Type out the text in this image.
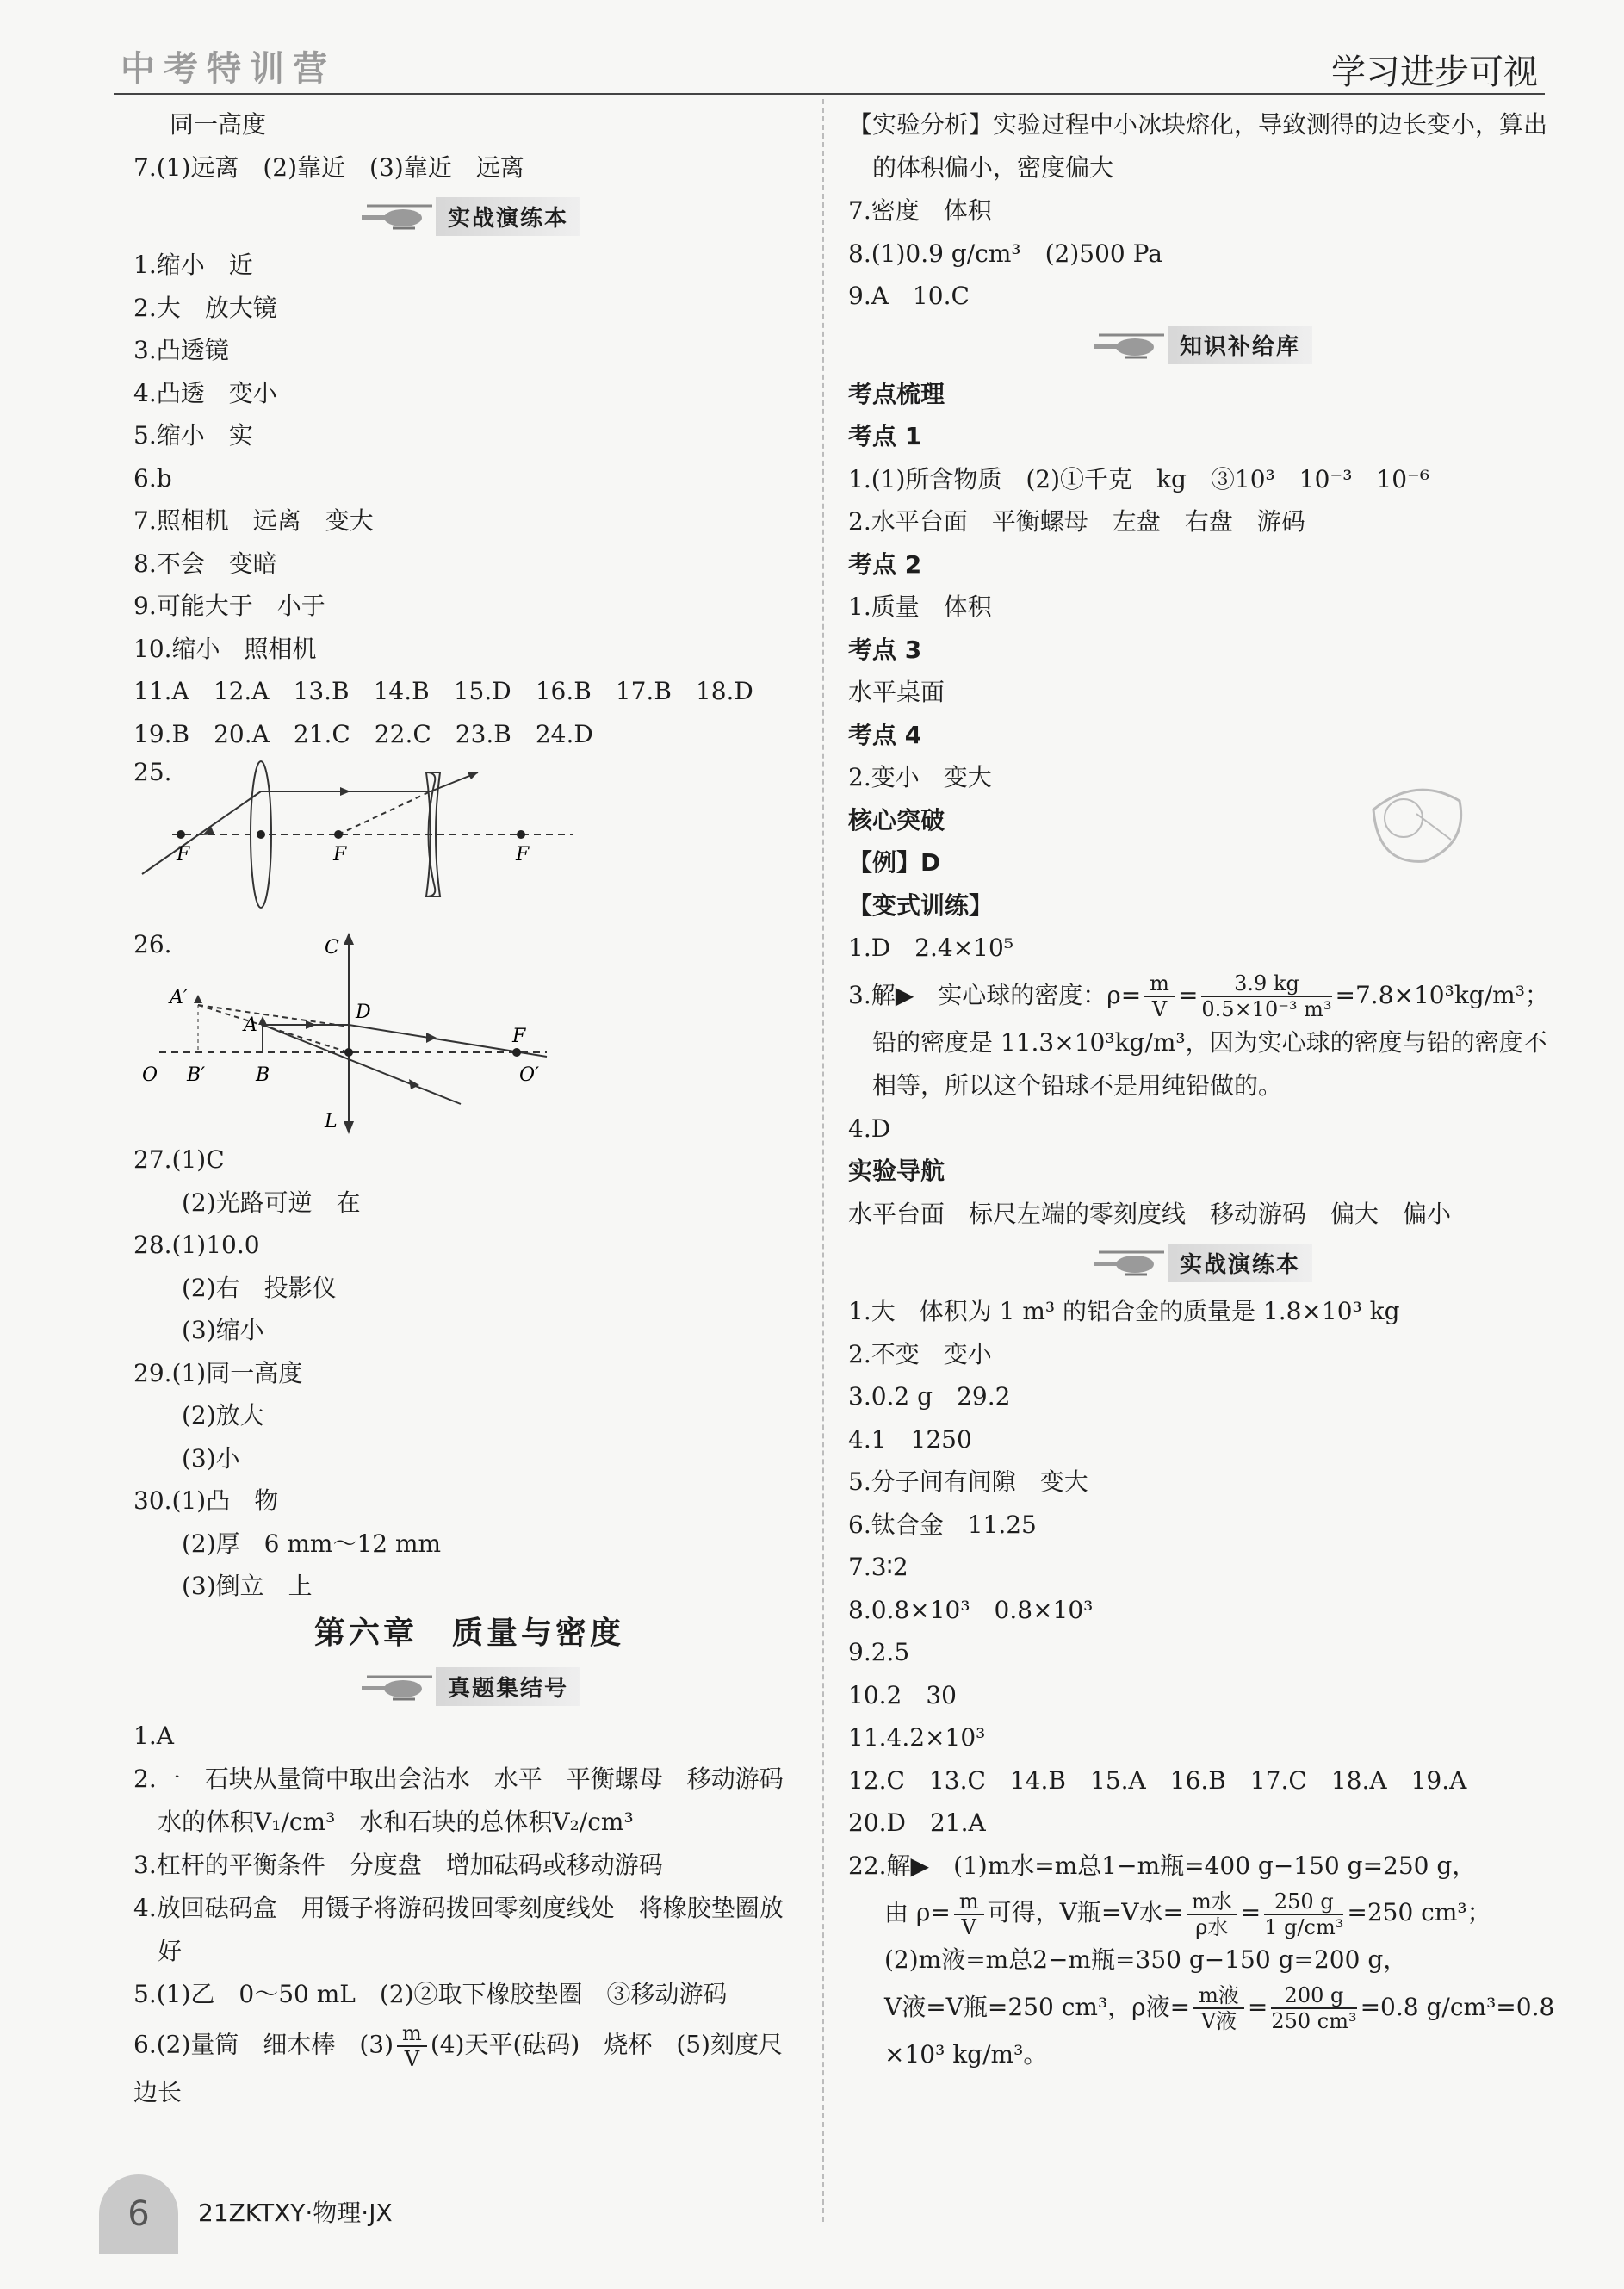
中考特训营	学习进步可视
同一高度
7.(1)远离　(2)靠近　(3)靠近　远离
实战演练本
1.缩小　近
2.大　放大镜
3.凸透镜
4.凸透　变小
5.缩小　实
6.b
7.照相机　远离　变大
8.不会　变暗
9.可能大于　小于
10.缩小　照相机
11.A　12.A　13.B　14.B　15.D　16.B　17.B　18.D
19.B　20.A　21.C　22.C　23.B　24.D
25.
F	F	F
26.	C
A′
D
A
F
O B′	B	O′
L
27.(1)C
(2)光路可逆　在
28.(1)10.0
(2)右　投影仪
(3)缩小
29.(1)同一高度
(2)放大
(3)小
30.(1)凸　物
(2)厚　6 mm～12 mm
(3)倒立　上
第六章　质量与密度
真题集结号
1.A
2.一　石块从量筒中取出会沾水　水平　平衡螺母　移动游码　水的体积V₁/cm³　水和石块的总体积V₂/cm³
3.杠杆的平衡条件　分度盘　增加砝码或移动游码
4.放回砝码盒　用镊子将游码拨回零刻度线处　将橡胶垫圈放好
5.(1)乙　0～50 mL　(2)②取下橡胶垫圈　③移动游码
6.(2)量筒　细木棒　$(3) \frac{m}{V} (4)$天平(砝码)　烧杯　(5)刻度尺　边长
【实验分析】实验过程中小冰块熔化，导致测得的边长变小，算出的体积偏小，密度偏大
7.密度　体积
8.(1)0.9 g/cm³　(2)500 Pa
9.A　10.C
知识补给库
考点梳理
考点 1
1.(1)所含物质　(2)①千克　kg　③10³　10⁻³　10⁻⁶
2.水平台面　平衡螺母　左盘　右盘　游码
考点 2
1.质量　体积
考点 3
水平桌面
考点 4
2.变小　变大
核心突破
【例】D
【变式训练】
1.D　2.4×10⁵
3.解▶　实心球的密度：$\rho= \frac{m}{V} = \frac{3.9 kg}{\text{0.5×10⁻³ m³}} =7.8\times 10^3kg/m^3$；
铅的密度是 11.3×10³kg/m³，因为实心球的密度与铅的密度不相等，所以这个铅球不是用纯铅做的。
4.D
实验导航
水平台面　标尺左端的零刻度线　移动游码　偏大　偏小
实战演练本
1.大　体积为 1 m³ 的铝合金的质量是 1.8×10³ kg
2.不变　变小
3.0.2 g　29.2
4.1　1250
5.分子间有间隙　变大
6.钛合金　11.25
7.3∶2
8.0.8×10³　0.8×10³
9.2.5
10.2　30
11.4.2×10³
12.C　13.C　14.B　15.A　16.B　17.C　18.A　19.A
20.D　21.A
22.解▶　(1)m水=m总1−m瓶=400 g−150 g=250 g，
由 $\rho= \frac{m}{V}$ 可得，V瓶=V水= $\frac{\text{m水}}{\text{ρ水}} = \frac{250 g}{\text{1 g/cm³}} =250$ cm³；
(2)m液=m总2−m瓶=350 g−150 g=200 g，
V液=V瓶=250 cm³，ρ液= $\frac{\text{m液}}{\text{V液}} = \frac{200 g}{\text{250 cm³}} =0.8$ g/cm³=0.8
×10³ kg/m³。
6	21ZKTXY·物理·JX
